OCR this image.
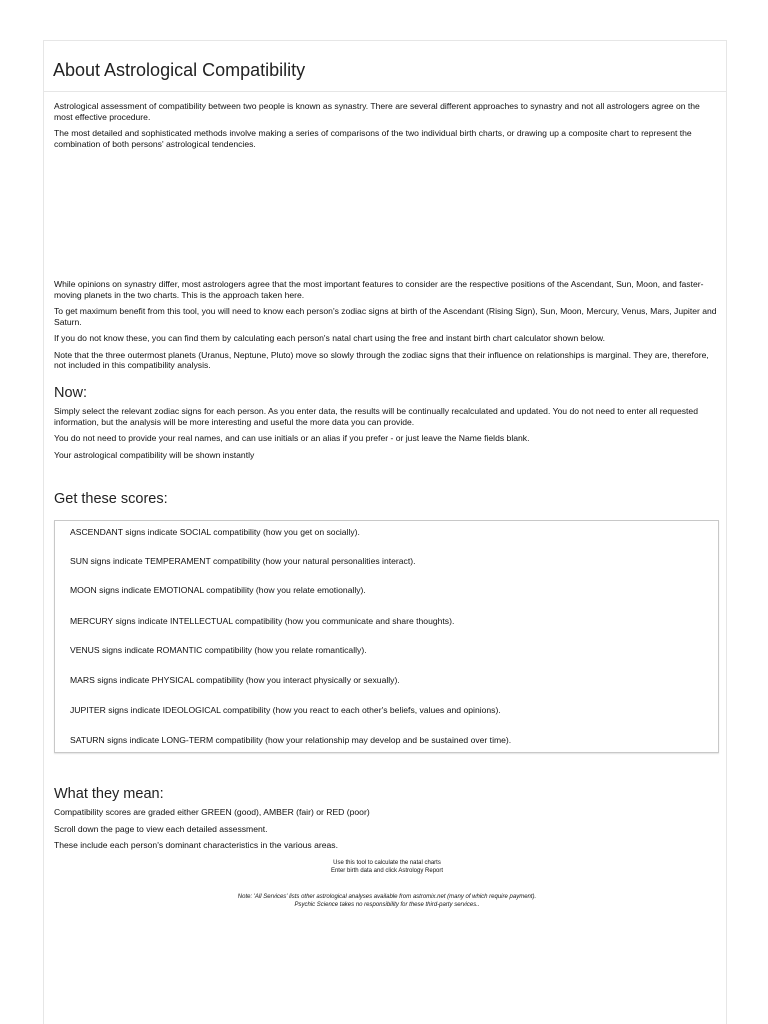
About Astrological Compatibility

Astrological assessment of compatibility between two people is known as synastry. There are several different approaches to synastry and not all astrologers agree on the most effective procedure.

The most detailed and sophisticated methods involve making a series of comparisons of the two individual birth charts, or drawing up a composite chart to represent the combination of both persons' astrological tendencies.

While opinions on synastry differ, most astrologers agree that the most important features to consider are the respective positions of the Ascendant, Sun, Moon, and faster-moving planets in the two charts. This is the approach taken here.

To get maximum benefit from this tool, you will need to know each person's zodiac signs at birth of the Ascendant (Rising Sign), Sun, Moon, Mercury, Venus, Mars, Jupiter and Saturn.

If you do not know these, you can find them by calculating each person's natal chart using the free and instant birth chart calculator shown below.

Note that the three outermost planets (Uranus, Neptune, Pluto) move so slowly through the zodiac signs that their influence on relationships is marginal. They are, therefore, not included in this compatibility analysis.

Now:

Simply select the relevant zodiac signs for each person. As you enter data, the results will be continually recalculated and updated. You do not need to enter all requested information, but the analysis will be more interesting and useful the more data you can provide.

You do not need to provide your real names, and can use initials or an alias if you prefer - or just leave the Name fields blank.

Your astrological compatibility will be shown instantly

Get these scores:
ASCENDANT signs indicate SOCIAL compatibility (how you get on socially).
SUN signs indicate TEMPERAMENT compatibility (how your natural personalities interact).
MOON signs indicate EMOTIONAL compatibility (how you relate emotionally).
MERCURY signs indicate INTELLECTUAL compatibility (how you communicate and share thoughts).
VENUS signs indicate ROMANTIC compatibility (how you relate romantically).
MARS signs indicate PHYSICAL compatibility (how you interact physically or sexually).
JUPITER signs indicate IDEOLOGICAL compatibility (how you react to each other's beliefs, values and opinions).
SATURN signs indicate LONG-TERM compatibility (how your relationship may develop and be sustained over time).
What they mean:

Compatibility scores are graded either GREEN (good), AMBER (fair) or RED (poor)

Scroll down the page to view each detailed assessment.

These include each person's dominant characteristics in the various areas.

Use this tool to calculate the natal charts

Enter birth data and click Astrology Report

Note: 'All Services' lists other astrological analyses available from astromix.net (many of which require payment).

Psychic Science takes no responsibility for these third-party services..
